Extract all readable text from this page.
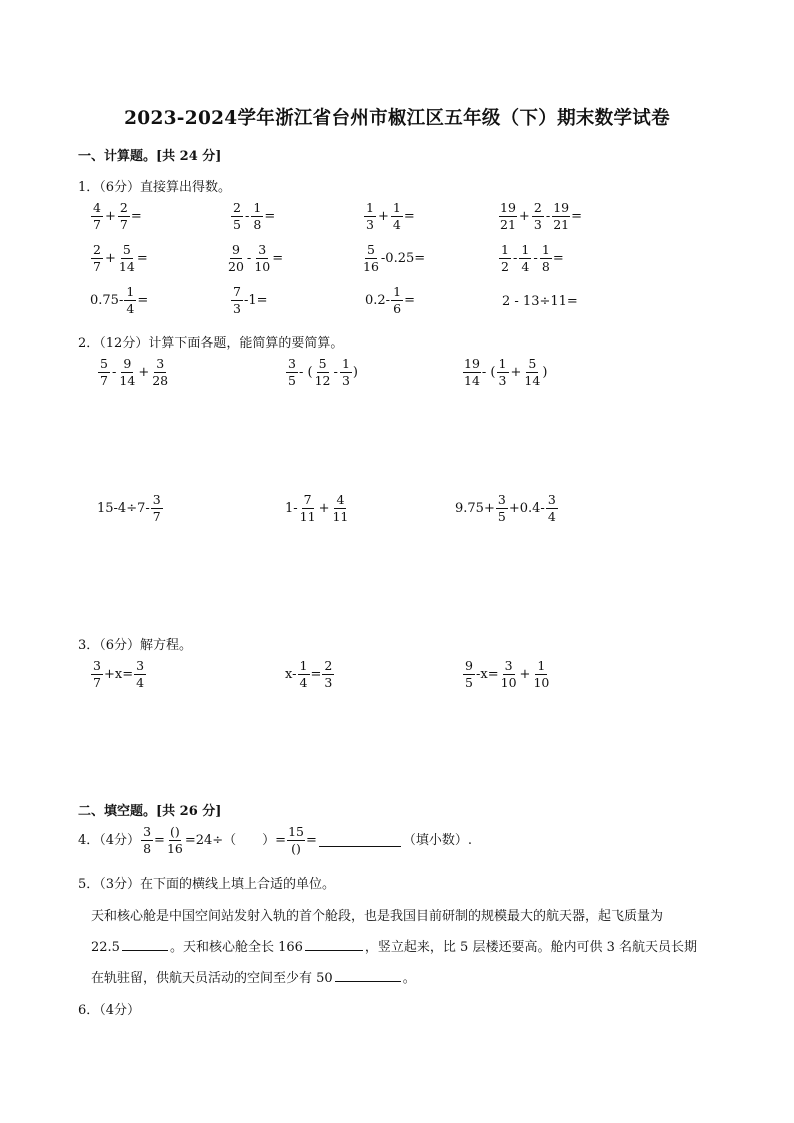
2023-2024学年浙江省台州市椒江区五年级（下）期末数学试卷
一、计算题。[共 24 分]
1．（6分）直接算出得数。
$\frac{4}{7} + \frac{2}{7}$ =	$\frac{2}{5} - \frac{1}{8}$ =	$\frac{1}{3} + \frac{1}{4}$ =	$\frac{19}{21} + \frac{2}{3} - \frac{19}{21}$ =
$\frac{2}{7} + \frac{5}{14}$ =	$\frac{9}{20} - \frac{3}{10}$ =	$\frac{5}{16} -0.25=$	$\frac{1}{2} - \frac{1}{4} - \frac{1}{8}$ =
$0.75- \frac{1}{4}$ =	$\frac{7}{3} -1=$	$0.2- \frac{1}{6}$ =	2 - 13÷11=
2．（12分）计算下面各题，能简算的要简算。
$\frac{5}{7} - \frac{9}{14} + \frac{3}{28}$	$\frac{3}{5}$ - ( $\frac{5}{12} - \frac{1}{3}$ )	$\frac{19}{14}$ - ( $\frac{1}{3} + \frac{5}{14}$ )
$15-4\div 7- \frac{3}{7}$	$1- \frac{7}{11} + \frac{4}{11}$	$9.75+ \frac{3}{5} +0.4- \frac{3}{4}$
3．（6分）解方程。
$\frac{3}{7} +x= \frac{3}{4}$	$x- \frac{1}{4} = \frac{2}{3}$	$\frac{9}{5} -x= \frac{3}{10} + \frac{1}{10}$
二、填空题。[共 26 分]
4．（4分） $\frac{3}{8} = \frac{()}{16} =24\div$（　　）= $\frac{15}{()}$ =	（填小数）.
5．（3分）在下面的横线上填上合适的单位。
天和核心舱是中国空间站发射入轨的首个舱段，也是我国目前研制的规模最大的航天器，起飞质量为
22.5	。天和核心舱全长 166	，竖立起来，比 5 层楼还要高。舱内可供 3 名航天员长期
在轨驻留，供航天员活动的空间至少有 50	。
6．（4分）
